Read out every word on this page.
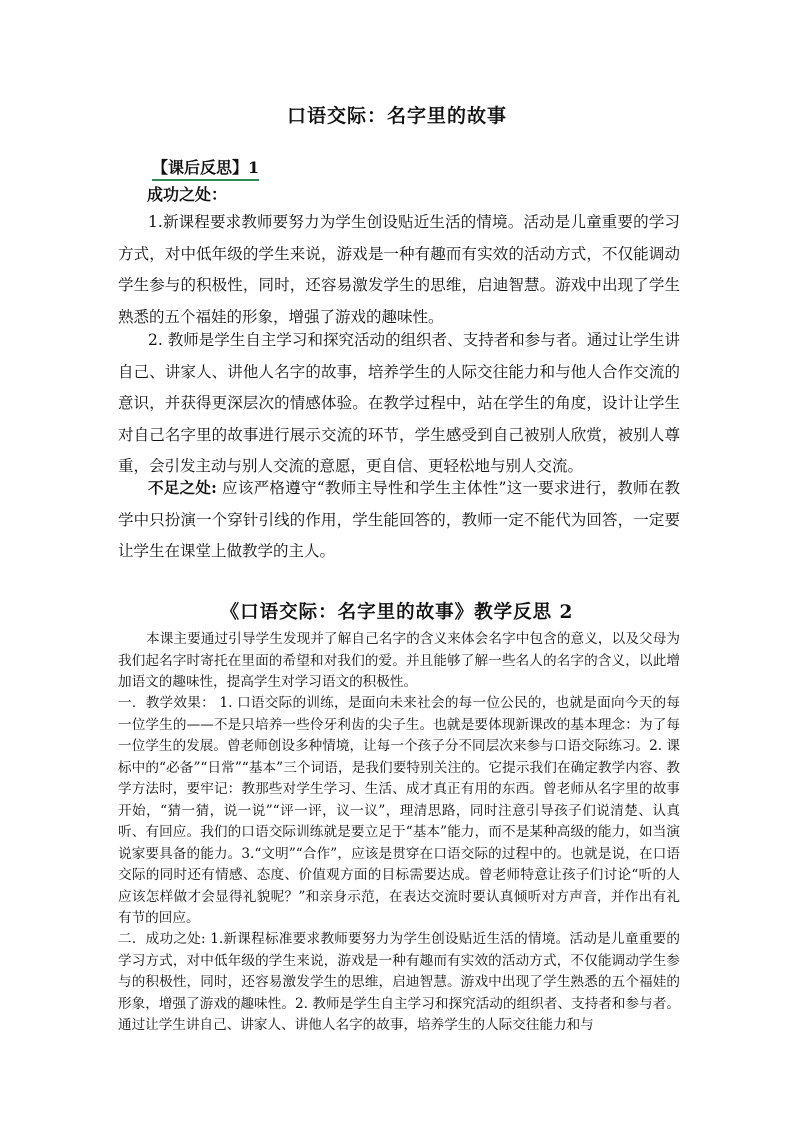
口语交际：名字里的故事
【课后反思】1
成功之处：
1.新课程要求教师要努力为学生创设贴近生活的情境。活动是儿童重要的学习方式，对中低年级的学生来说，游戏是一种有趣而有实效的活动方式，不仅能调动学生参与的积极性，同时，还容易激发学生的思维，启迪智慧。游戏中出现了学生熟悉的五个福娃的形象，增强了游戏的趣味性。
2. 教师是学生自主学习和探究活动的组织者、支持者和参与者。通过让学生讲自己、讲家人、讲他人名字的故事，培养学生的人际交往能力和与他人合作交流的意识，并获得更深层次的情感体验。在教学过程中，站在学生的角度，设计让学生对自己名字里的故事进行展示交流的环节，学生感受到自己被别人欣赏，被别人尊重，会引发主动与别人交流的意愿，更自信、更轻松地与别人交流。
不足之处: 应该严格遵守“教师主导性和学生主体性”这一要求进行，教师在教学中只扮演一个穿针引线的作用，学生能回答的，教师一定不能代为回答，一定要让学生在课堂上做教学的主人。
《口语交际：名字里的故事》教学反思 2
本课主要通过引导学生发现并了解自己名字的含义来体会名字中包含的意义，以及父母为我们起名字时寄托在里面的希望和对我们的爱。并且能够了解一些名人的名字的含义，以此增加语文的趣味性，提高学生对学习语文的积极性。
一．教学效果： 1. 口语交际的训练，是面向未来社会的每一位公民的，也就是面向今天的每一位学生的——不是只培养一些伶牙利齿的尖子生。也就是要体现新课改的基本理念：为了每一位学生的发展。曾老师创设多种情境，让每一个孩子分不同层次来参与口语交际练习。2. 课标中的“必备”“日常”“基本”三个词语，是我们要特别关注的。它提示我们在确定教学内容、教学方法时，要牢记：教那些对学生学习、生活、成才真正有用的东西。曾老师从名字里的故事开始，“猜一猜，说一说”“评一评，议一议”，理清思路，同时注意引导孩子们说清楚、认真听、有回应。我们的口语交际训练就是要立足于“基本”能力，而不是某种高级的能力，如当演说家要具备的能力。3.“文明”“合作”，应该是贯穿在口语交际的过程中的。也就是说，在口语交际的同时还有情感、态度、价值观方面的目标需要达成。曾老师特意让孩子们讨论“听的人应该怎样做才会显得礼貌呢？”和亲身示范，在表达交流时要认真倾听对方声音，并作出有礼有节的回应。
二．成功之处: 1.新课程标准要求教师要努力为学生创设贴近生活的情境。活动是儿童重要的学习方式，对中低年级的学生来说，游戏是一种有趣而有实效的活动方式，不仅能调动学生参与的积极性，同时，还容易激发学生的思维，启迪智慧。游戏中出现了学生熟悉的五个福娃的形象，增强了游戏的趣味性。2. 教师是学生自主学习和探究活动的组织者、支持者和参与者。通过让学生讲自己、讲家人、讲他人名字的故事，培养学生的人际交往能力和与
